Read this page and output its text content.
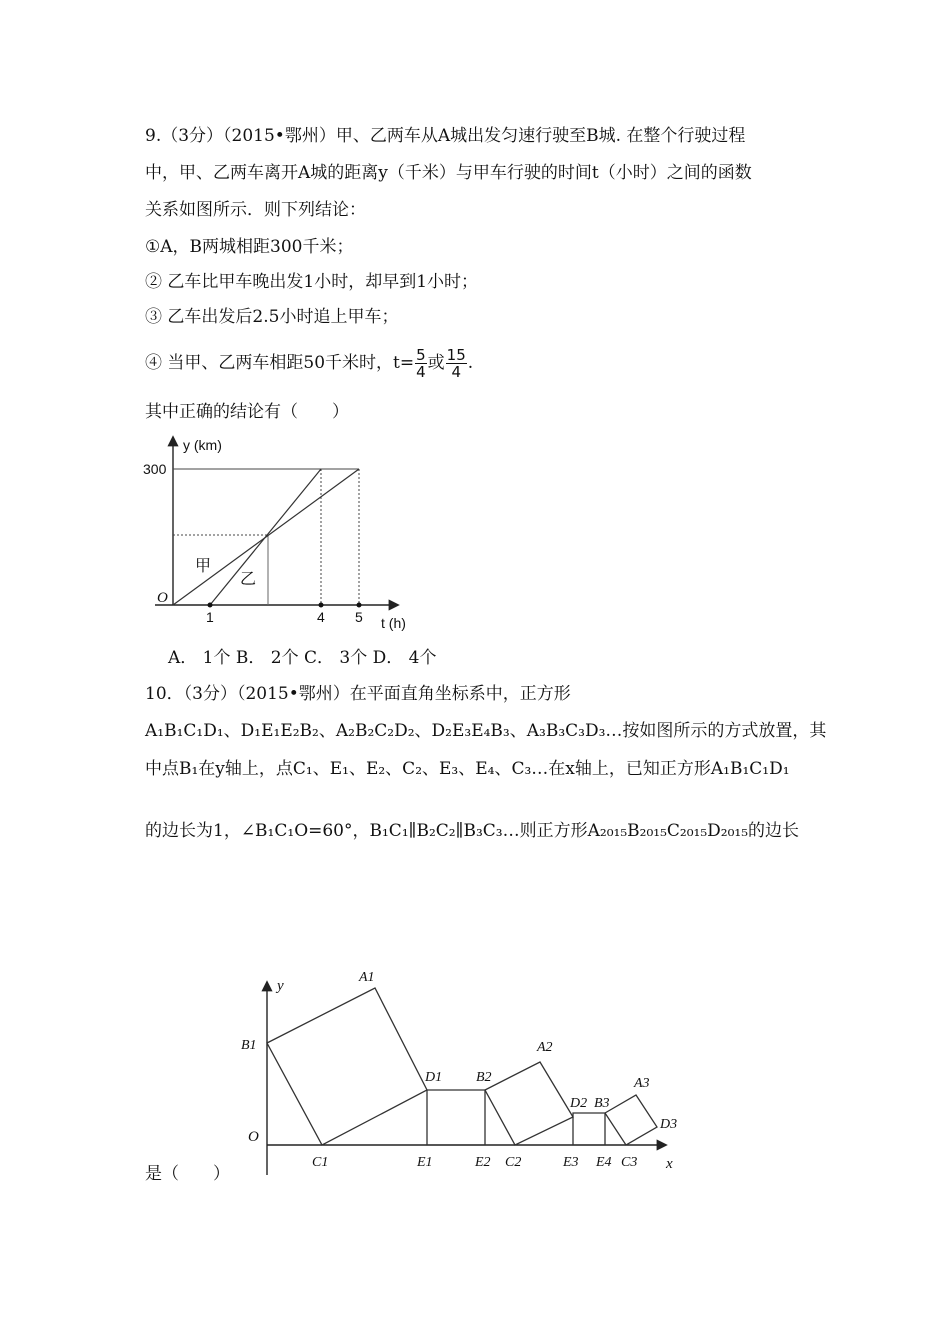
9.（3分）（2015•鄂州）甲、乙两车从A城出发匀速行驶至B城. 在整个行驶过程
中，甲、乙两车离开A城的距离y（千米）与甲车行驶的时间t（小时）之间的函数
关系如图所示．则下列结论：
①A，B两城相距300千米；
② 乙车比甲车晚出发1小时，却早到1小时；
③ 乙车出发后2.5小时追上甲车；
④ 当甲、乙两车相距50千米时，$t= \frac{5}{4}$ 或 $\frac{15}{4}$ .
其中正确的结论有（　　）
y (km)
300
O
1	4 5 t (h)
甲
乙
A． 1个 B． 2个 C． 3个 D． 4个
10．（3分）（2015•鄂州）在平面直角坐标系中，正方形
A₁B₁C₁D₁、D₁E₁E₂B₂、A₂B₂C₂D₂、D₂E₃E₄B₃、A₃B₃C₃D₃…按如图所示的方式放置，其
中点B₁在y轴上，点C₁、E₁、E₂、C₂、E₃、E₄、C₃…在x轴上，已知正方形A₁B₁C₁D₁
的边长为1，∠B₁C₁O=60°，B₁C₁∥B₂C₂∥B₃C₃…则正方形A₂₀₁₅B₂₀₁₅C₂₀₁₅D₂₀₁₅的边长
y
x
O
B1
A1
C1
D1
E1	E2
B2
A2
C2
D2
E3
B3
E4 C3
A3
D3
是（　　）
